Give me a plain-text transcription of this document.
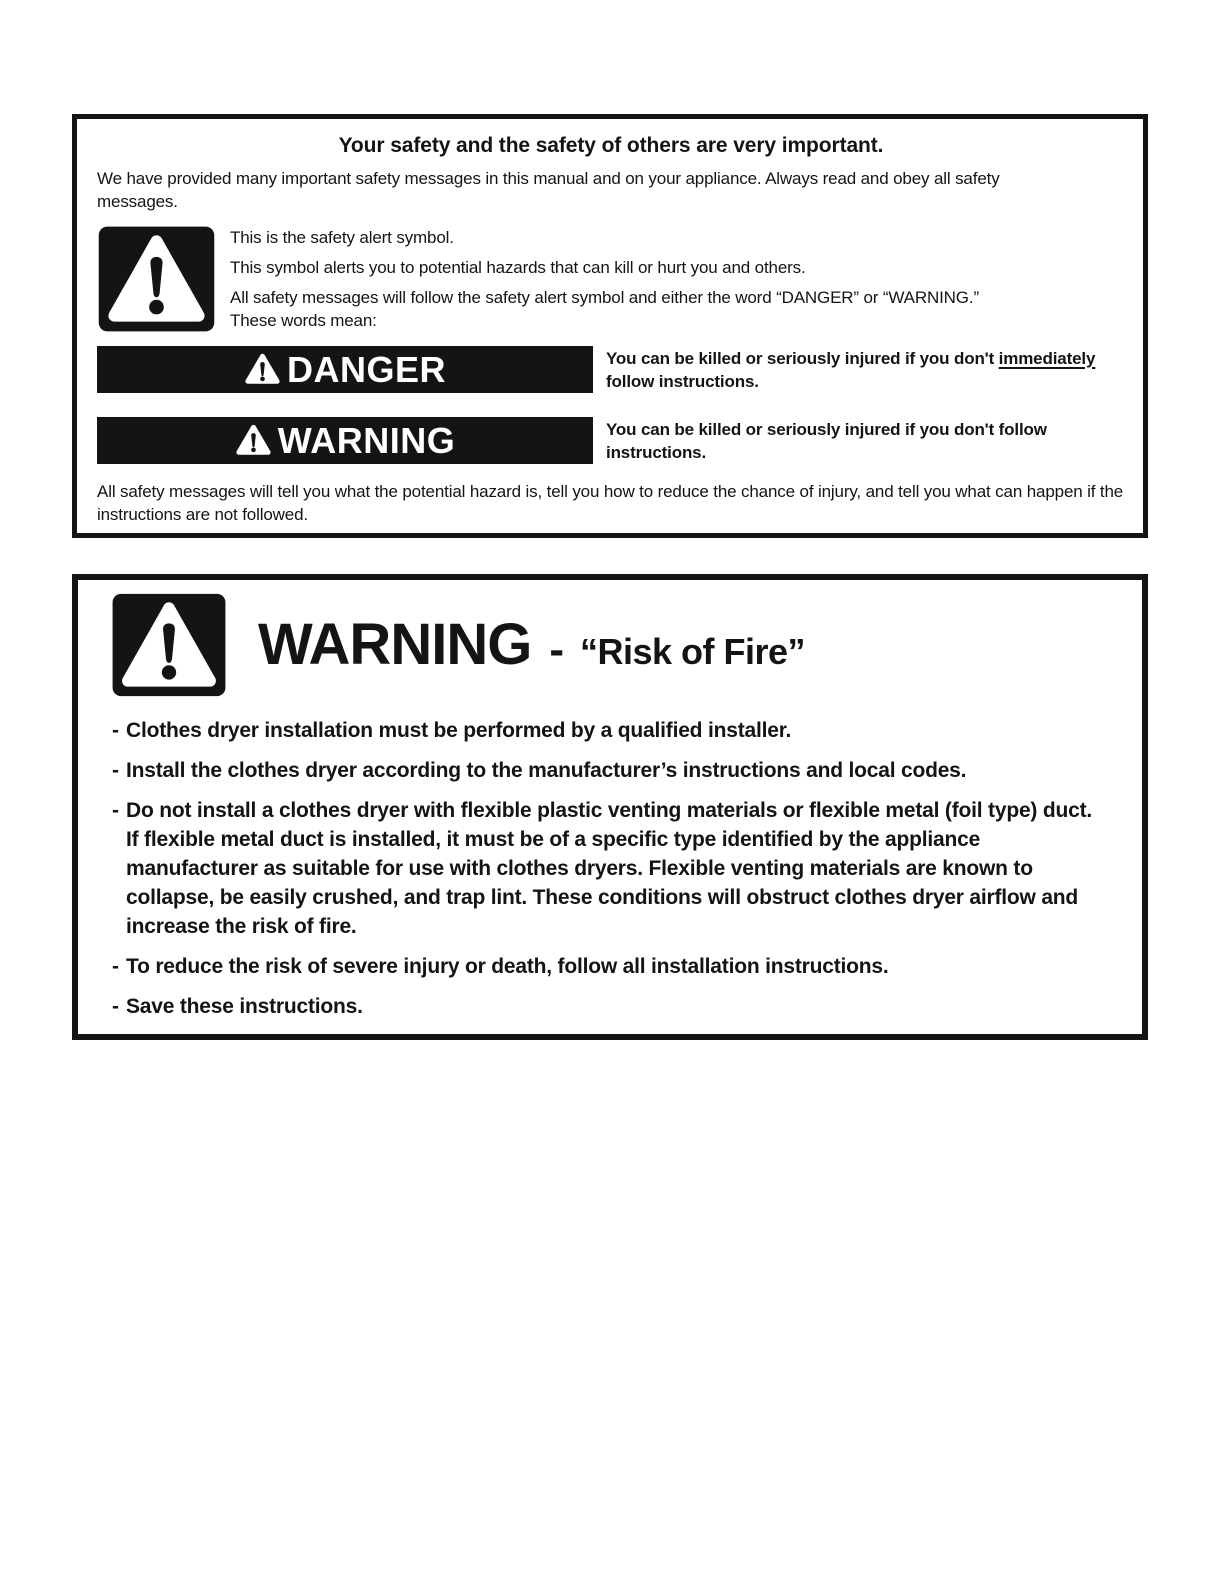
Your safety and the safety of others are very important.

We have provided many important safety messages in this manual and on your appliance. Always read and obey all safety messages.

This is the safety alert symbol.

This symbol alerts you to potential hazards that can kill or hurt you and others.

All safety messages will follow the safety alert symbol and either the word “DANGER” or “WARNING.”

These words mean:

DANGER	You can be killed or seriously injured if you don't immediately follow instructions.

WARNING	You can be killed or seriously injured if you don't follow instructions.

All safety messages will tell you what the potential hazard is, tell you how to reduce the chance of injury, and tell you what can happen if the instructions are not followed.

WARNING - “Risk of Fire”
- Clothes dryer installation must be performed by a qualified installer.
- Install the clothes dryer according to the manufacturer’s instructions and local codes.
- Do not install a clothes dryer with flexible plastic venting materials or flexible metal (foil type) duct. If flexible metal duct is installed, it must be of a specific type identified by the appliance manufacturer as suitable for use with clothes dryers. Flexible venting materials are known to collapse, be easily crushed, and trap lint. These conditions will obstruct clothes dryer airflow and increase the risk of fire.
- To reduce the risk of severe injury or death, follow all installation instructions.
- Save these instructions.
